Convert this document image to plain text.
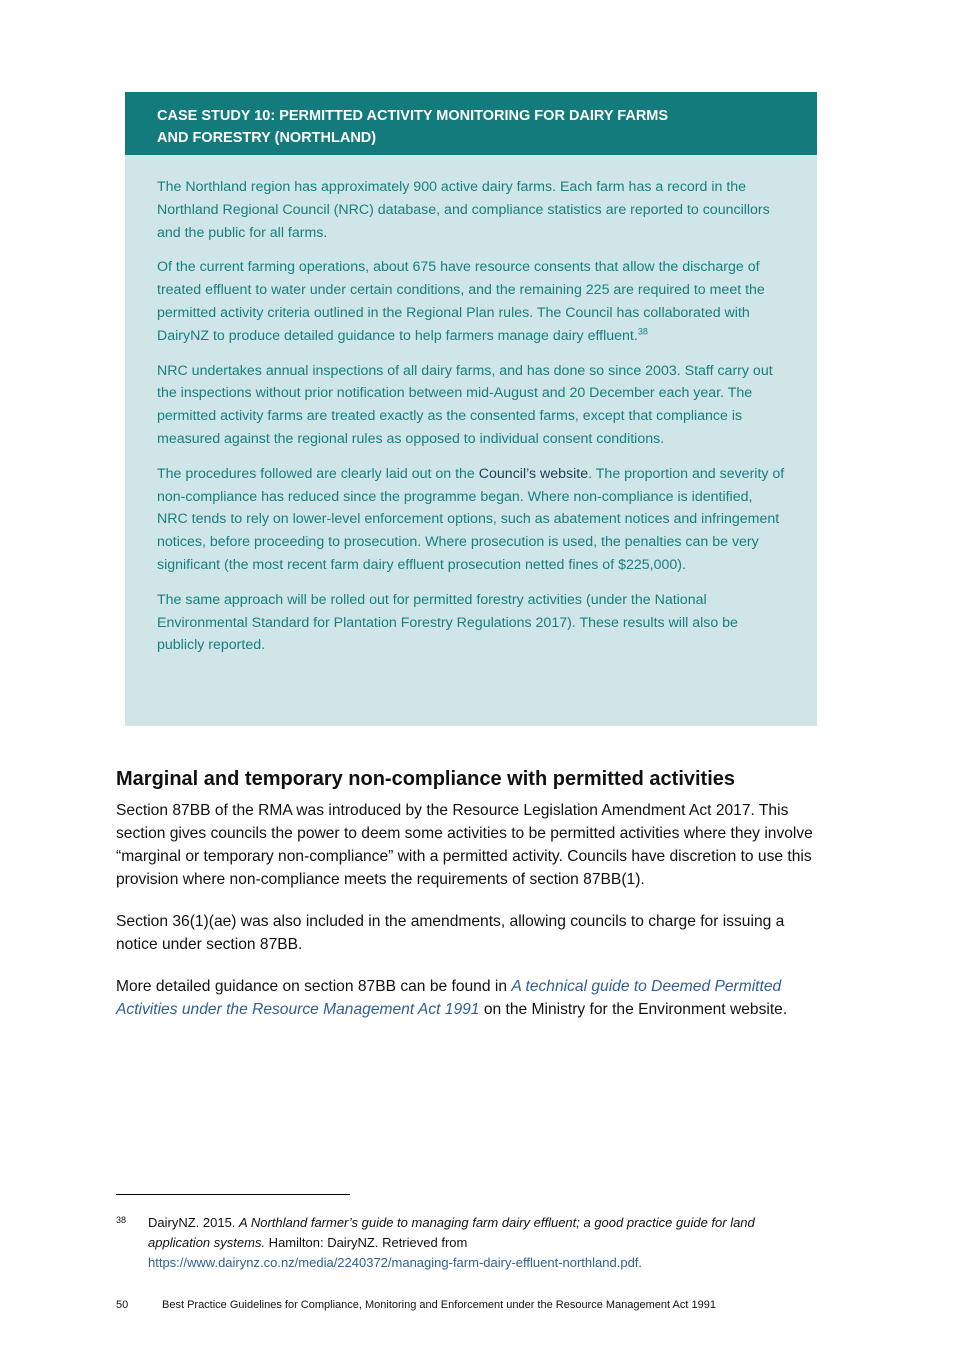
CASE STUDY 10: PERMITTED ACTIVITY MONITORING FOR DAIRY FARMS
AND FORESTRY (NORTHLAND)

The Northland region has approximately 900 active dairy farms. Each farm has a record in the Northland Regional Council (NRC) database, and compliance statistics are reported to councillors and the public for all farms.

Of the current farming operations, about 675 have resource consents that allow the discharge of treated effluent to water under certain conditions, and the remaining 225 are required to meet the permitted activity criteria outlined in the Regional Plan rules. The Council has collaborated with DairyNZ to produce detailed guidance to help farmers manage dairy effluent.$^{38}$

NRC undertakes annual inspections of all dairy farms, and has done so since 2003. Staff carry out the inspections without prior notification between mid-August and 20 December each year. The permitted activity farms are treated exactly as the consented farms, except that compliance is measured against the regional rules as opposed to individual consent conditions.

The procedures followed are clearly laid out on the Council’s website. The proportion and severity of non-compliance has reduced since the programme began. Where non-compliance is identified, NRC tends to rely on lower-level enforcement options, such as abatement notices and infringement notices, before proceeding to prosecution. Where prosecution is used, the penalties can be very significant (the most recent farm dairy effluent prosecution netted fines of $225,000).

The same approach will be rolled out for permitted forestry activities (under the National Environmental Standard for Plantation Forestry Regulations 2017). These results will also be publicly reported.

Marginal and temporary non-compliance with permitted activities

Section 87BB of the RMA was introduced by the Resource Legislation Amendment Act 2017. This section gives councils the power to deem some activities to be permitted activities where they involve “marginal or temporary non-compliance” with a permitted activity. Councils have discretion to use this provision where non-compliance meets the requirements of section 87BB(1).

Section 36(1)(ae) was also included in the amendments, allowing councils to charge for issuing a notice under section 87BB.

More detailed guidance on section 87BB can be found in A technical guide to Deemed Permitted Activities under the Resource Management Act 1991 on the Ministry for the Environment website.

38 DairyNZ. 2015. A Northland farmer’s guide to managing farm dairy effluent; a good practice guide for land application systems. Hamilton: DairyNZ. Retrieved from
https://www.dairynz.co.nz/media/2240372/managing-farm-dairy-effluent-northland.pdf.
50	Best Practice Guidelines for Compliance, Monitoring and Enforcement under the Resource Management Act 1991
